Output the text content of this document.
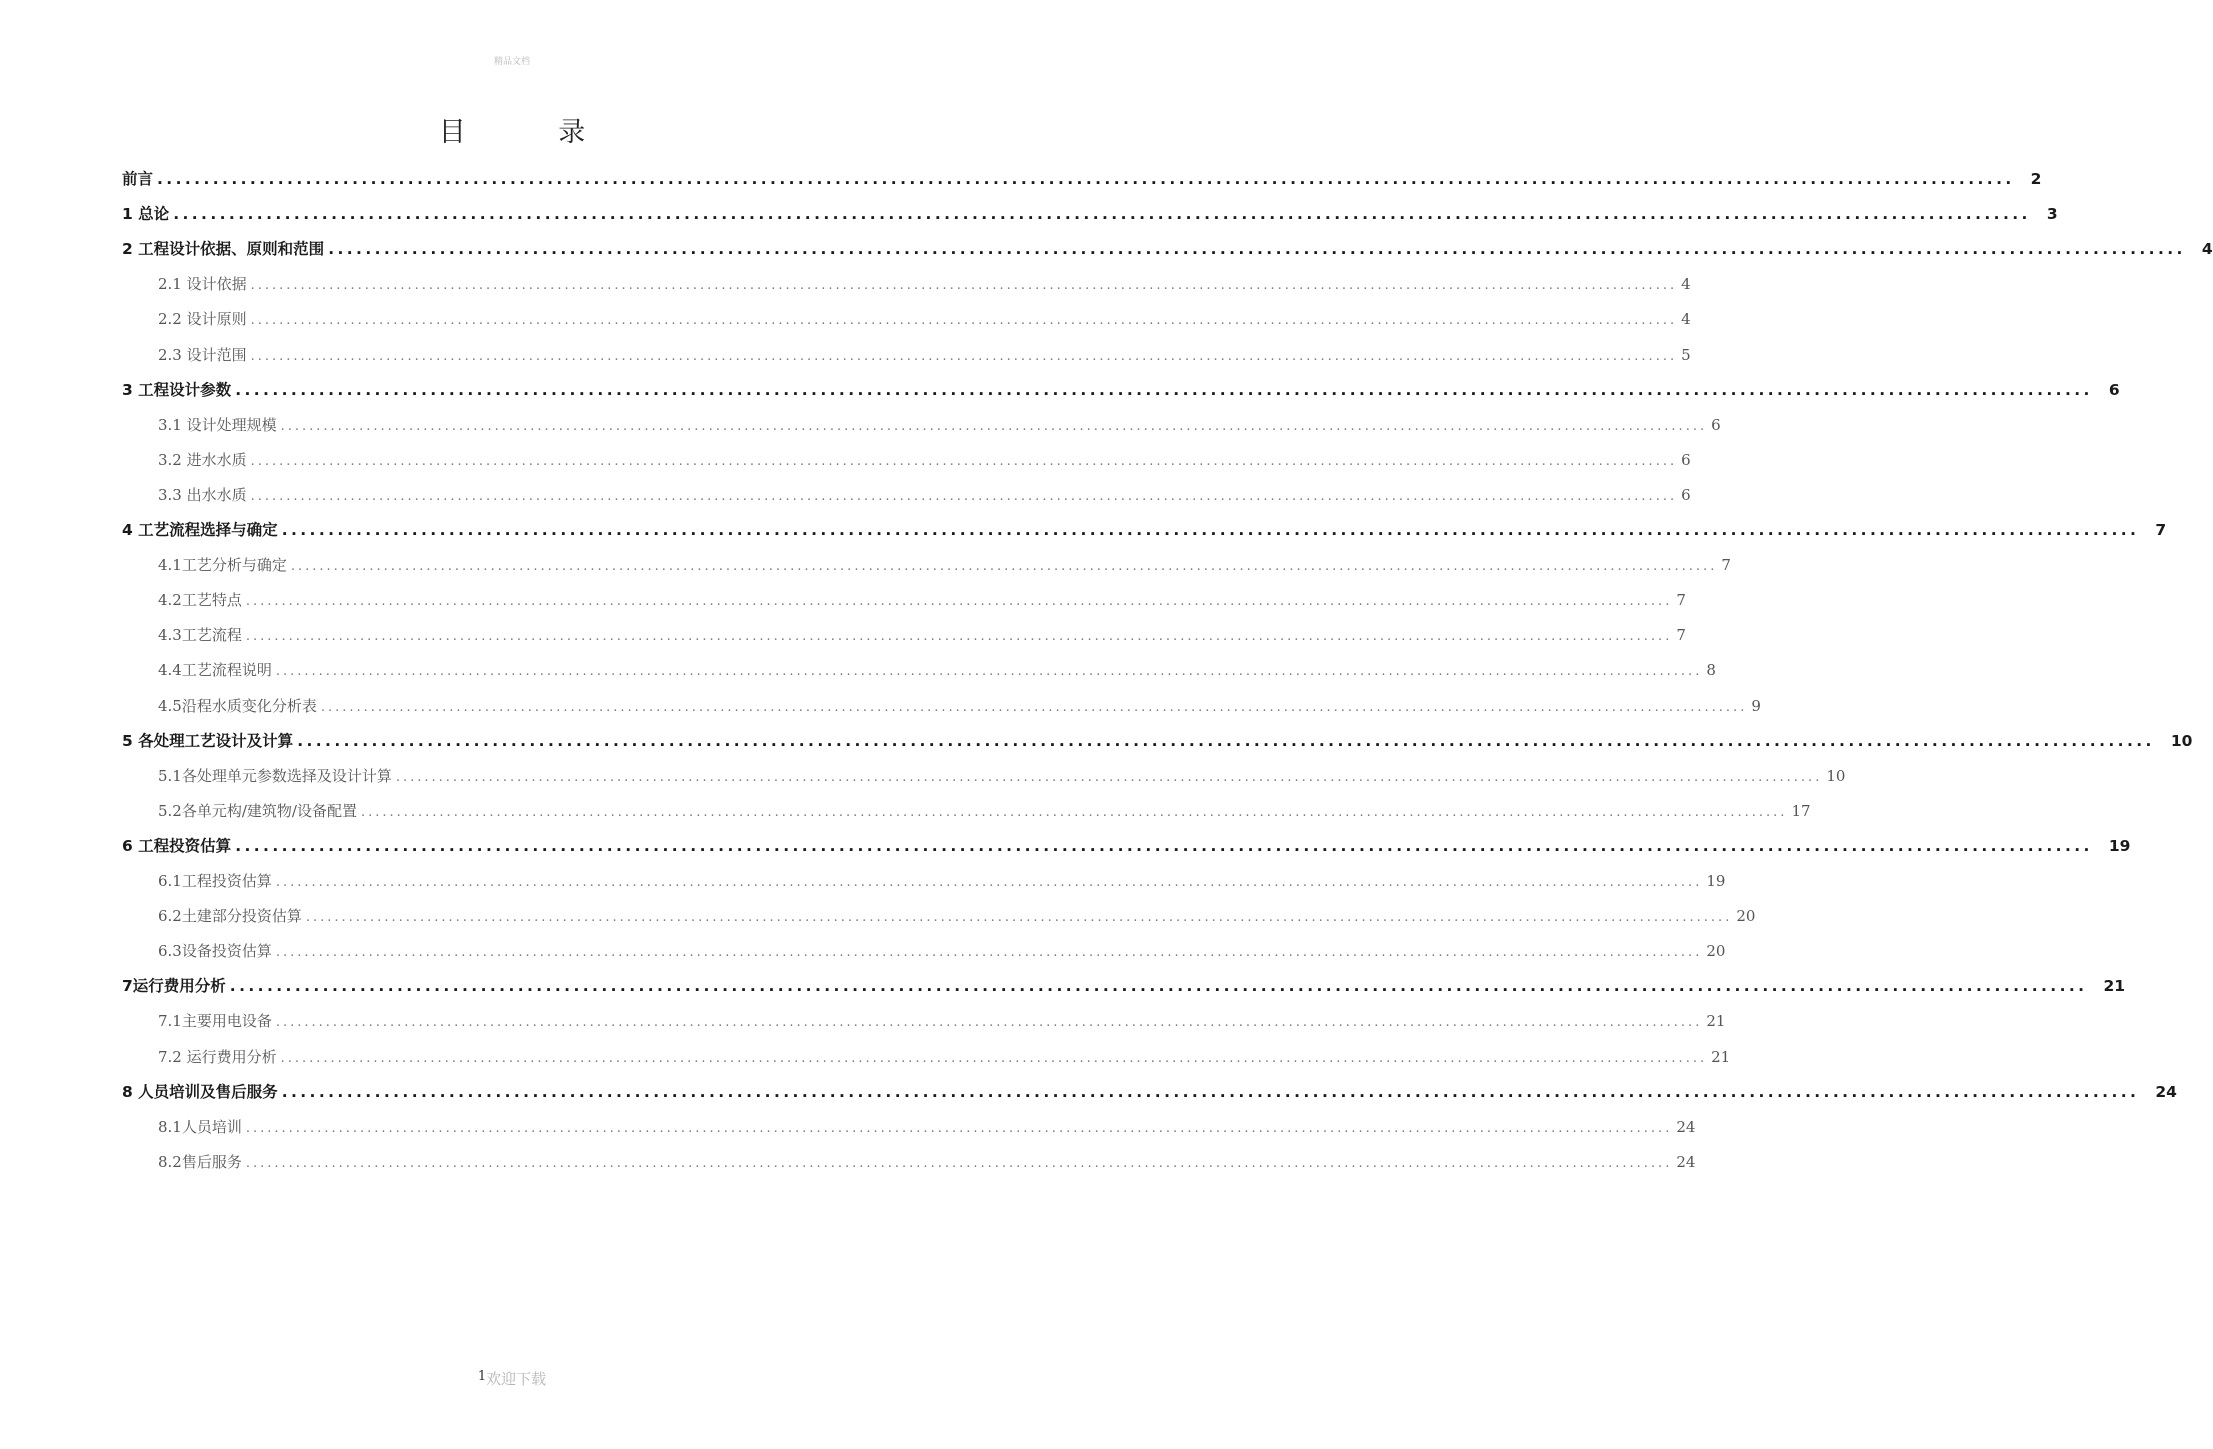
精品文档
目 录
前言 ........................................................................................................................................................................................................ 2
1 总论 ........................................................................................................................................................................................................ 3
2 工程设计依据、原则和范围 ........................................................................................................................................................................................................ 4
2.1 设计依据 ........................................................................................................................................................................................................ 4
2.2 设计原则 ........................................................................................................................................................................................................ 4
2.3 设计范围 ........................................................................................................................................................................................................ 5
3 工程设计参数 ........................................................................................................................................................................................................ 6
3.1 设计处理规模 ........................................................................................................................................................................................................ 6
3.2 进水水质 ........................................................................................................................................................................................................ 6
3.3 出水水质 ........................................................................................................................................................................................................ 6
4 工艺流程选择与确定 ........................................................................................................................................................................................................ 7
4.1工艺分析与确定 ........................................................................................................................................................................................................ 7
4.2工艺特点 ........................................................................................................................................................................................................ 7
4.3工艺流程 ........................................................................................................................................................................................................ 7
4.4工艺流程说明 ........................................................................................................................................................................................................ 8
4.5沿程水质变化分析表 ........................................................................................................................................................................................................ 9
5 各处理工艺设计及计算 ........................................................................................................................................................................................................ 10
5.1各处理单元参数选择及设计计算 ........................................................................................................................................................................................................ 10
5.2各单元构/建筑物/设备配置 ........................................................................................................................................................................................................ 17
6 工程投资估算 ........................................................................................................................................................................................................ 19
6.1工程投资估算 ........................................................................................................................................................................................................ 19
6.2土建部分投资估算 ........................................................................................................................................................................................................ 20
6.3设备投资估算 ........................................................................................................................................................................................................ 20
7运行费用分析 ........................................................................................................................................................................................................ 21
7.1主要用电设备 ........................................................................................................................................................................................................ 21
7.2 运行费用分析 ........................................................................................................................................................................................................ 21
8 人员培训及售后服务 ........................................................................................................................................................................................................ 24
8.1人员培训 ........................................................................................................................................................................................................ 24
8.2售后服务 ........................................................................................................................................................................................................ 24
1欢迎下载
